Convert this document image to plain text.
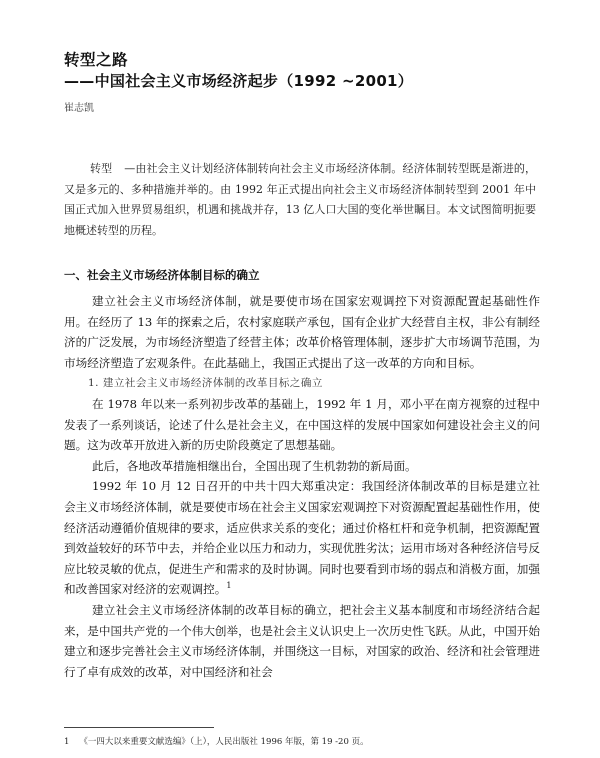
转型之路
——中国社会主义市场经济起步（1992 ~2001）
崔志凯
转型 —由社会主义计划经济体制转向社会主义市场经济体制。经济体制转型既是渐进的，又是多元的、多种措施并举的。由 1992 年正式提出向社会主义市场经济体制转型到 2001 年中国正式加入世界贸易组织，机遇和挑战并存，13 亿人口大国的变化举世瞩目。本文试图简明扼要地概述转型的历程。
一、社会主义市场经济体制目标的确立

建立社会主义市场经济体制，就是要使市场在国家宏观调控下对资源配置起基础性作用。在经历了 13 年的探索之后，农村家庭联产承包，国有企业扩大经营自主权，非公有制经济的广泛发展，为市场经济塑造了经营主体；改革价格管理体制，逐步扩大市场调节范围，为市场经济塑造了宏观条件。在此基础上，我国正式提出了这一改革的方向和目标。

1. 建立社会主义市场经济体制的改革目标之确立

在 1978 年以来一系列初步改革的基础上，1992 年 1 月，邓小平在南方视察的过程中发表了一系列谈话，论述了什么是社会主义，在中国这样的发展中国家如何建设社会主义的问题。这为改革开放进入新的历史阶段奠定了思想基础。

此后，各地改革措施相继出台，全国出现了生机勃勃的新局面。

1992 年 10 月 12 日召开的中共十四大郑重决定：我国经济体制改革的目标是建立社会主义市场经济体制，就是要使市场在社会主义国家宏观调控下对资源配置起基础性作用，使经济活动遵循价值规律的要求，适应供求关系的变化；通过价格杠杆和竞争机制，把资源配置到效益较好的环节中去，并给企业以压力和动力，实现优胜劣汰；运用市场对各种经济信号反应比较灵敏的优点，促进生产和需求的及时协调。同时也要看到市场的弱点和消极方面，加强和改善国家对经济的宏观调控。$^1$

建立社会主义市场经济体制的改革目标的确立，把社会主义基本制度和市场经济结合起来，是中国共产党的一个伟大创举，也是社会主义认识史上一次历史性飞跃。从此，中国开始建立和逐步完善社会主义市场经济体制，并围绕这一目标，对国家的政治、经济和社会管理进行了卓有成效的改革，对中国经济和社会

1 《一四大以来重要文献选编》（上），人民出版社 1996 年版，第 19 -20 页。
